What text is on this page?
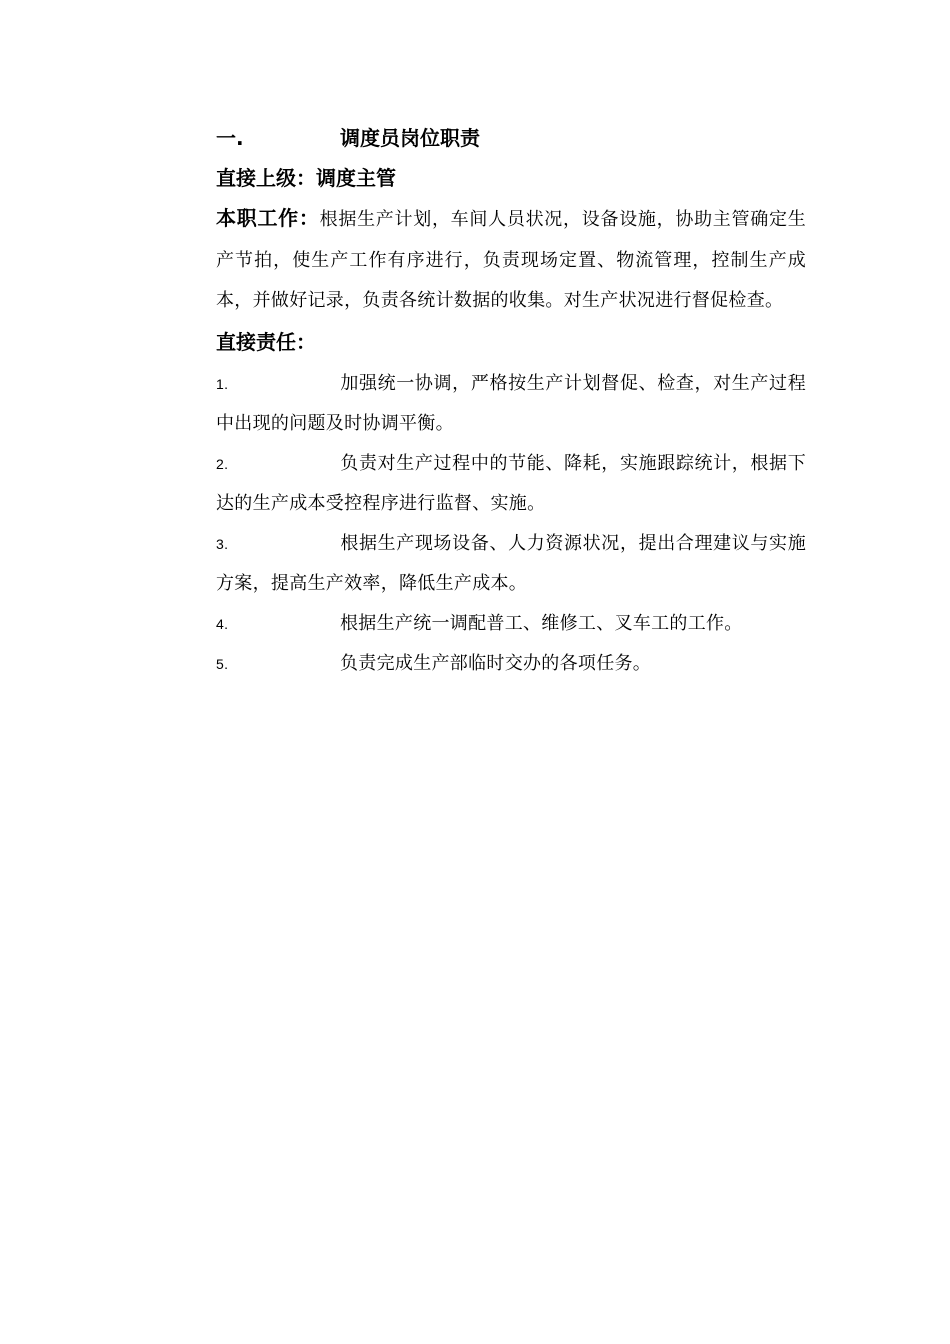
一.	调度员岗位职责
直接上级：调度主管
本职工作：根据生产计划，车间人员状况，设备设施，协助主管确定生产节拍，使生产工作有序进行，负责现场定置、物流管理，控制生产成本，并做好记录，负责各统计数据的收集。对生产状况进行督促检查。
直接责任：
1.	加强统一协调，严格按生产计划督促、检查，对生产过程中出现的问题及时协调平衡。
2.	负责对生产过程中的节能、降耗，实施跟踪统计，根据下达的生产成本受控程序进行监督、实施。
3.	根据生产现场设备、人力资源状况，提出合理建议与实施方案，提高生产效率，降低生产成本。
4.	根据生产统一调配普工、维修工、叉车工的工作。
5.	负责完成生产部临时交办的各项任务。
